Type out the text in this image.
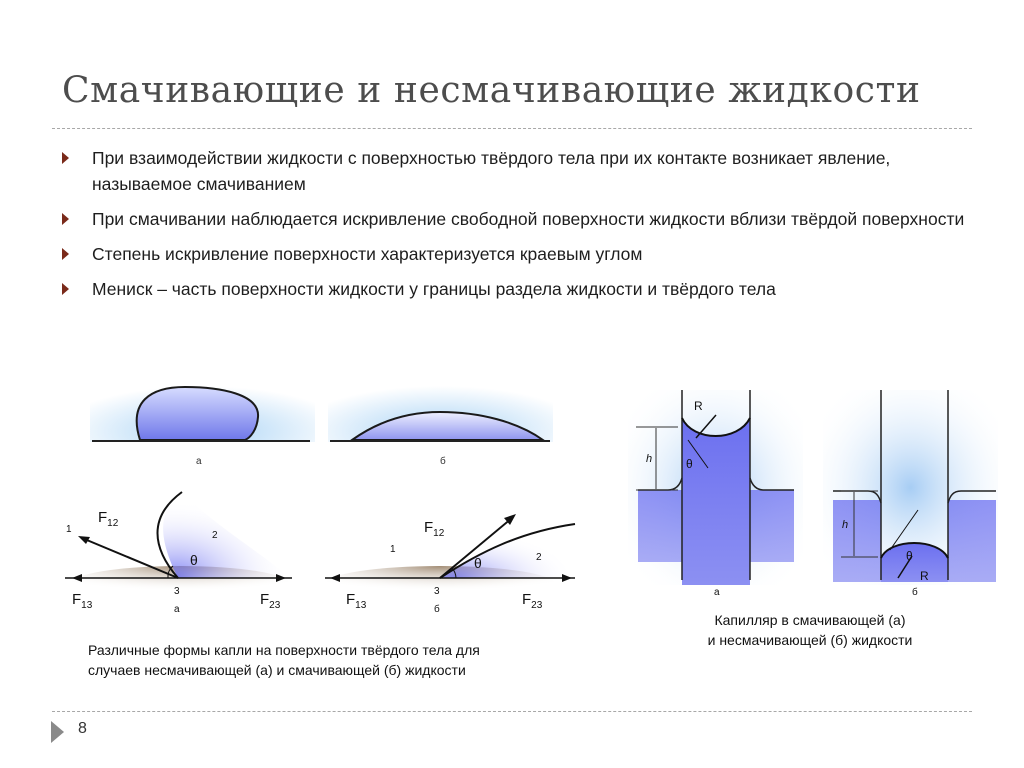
Смачивающие и несмачивающие жидкости
При взаимодействии жидкости с поверхностью твёрдого тела при их контакте возникает явление, называемое смачиванием
При смачивании наблюдается искривление свободной поверхности жидкости вблизи твёрдой поверхности
Степень искривление поверхности характеризуется краевым углом
Мениск – часть поверхности жидкости у границы раздела жидкости и твёрдого тела
а	б
$F_{12}$
$F_{13}$	$F_{23}$
1
2
3
θ
а
$F_{12}$
$F_{13}$	$F_{23}$
1
2
3
θ
б
Различные формы капли на поверхности твёрдого тела для
случаев несмачивающей (а) и смачивающей (б) жидкости
R
h	θ
а
R
h
θ
б
Капилляр в смачивающей (а)
и несмачивающей (б) жидкости
8
